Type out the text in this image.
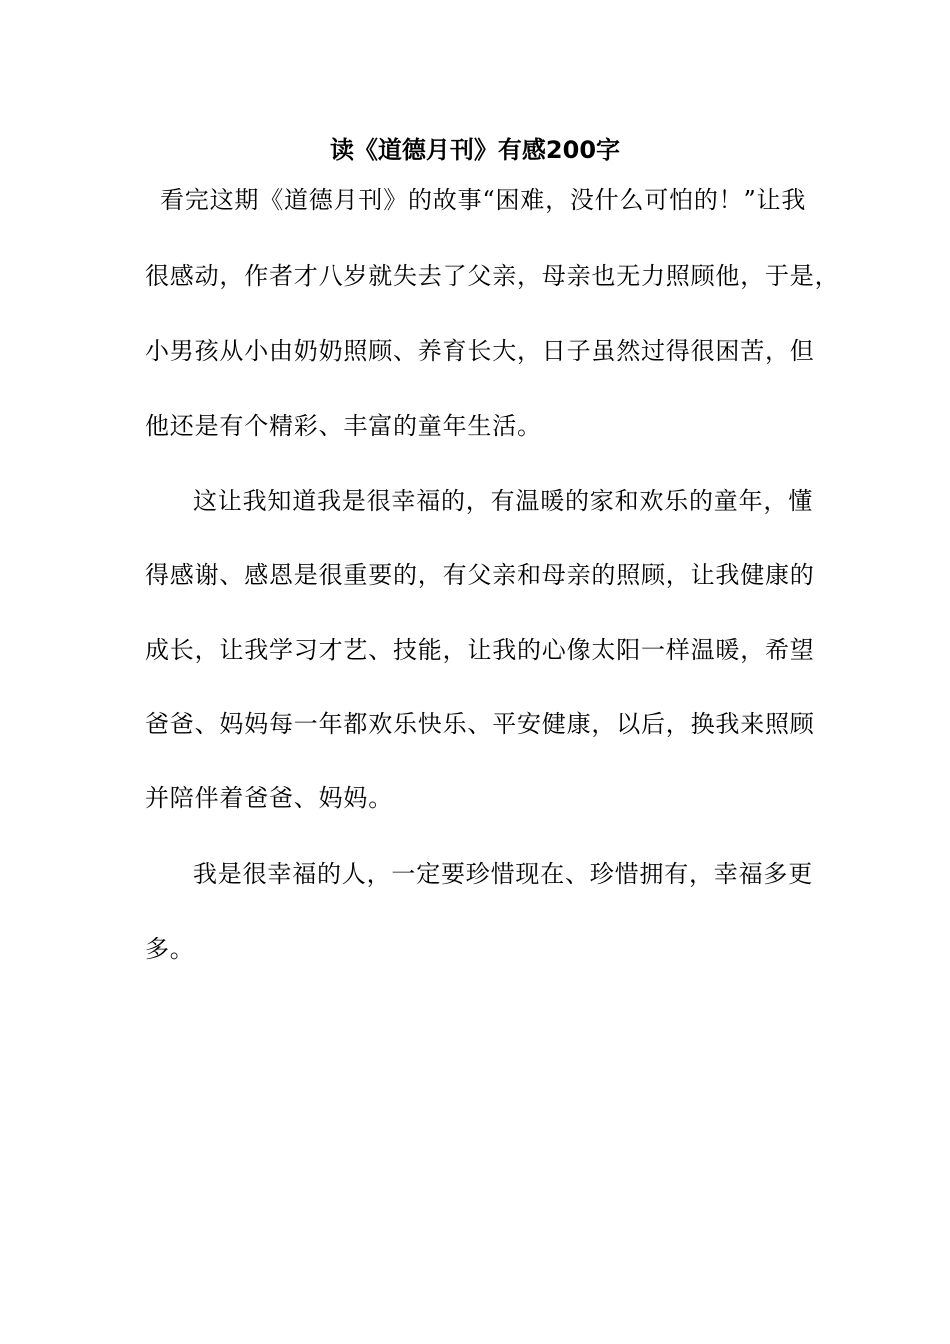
读《道德月刊》有感200字
看完这期《道德月刊》的故事“困难，没什么可怕的！”让我
很感动，作者才八岁就失去了父亲，母亲也无力照顾他，于是，
小男孩从小由奶奶照顾、养育长大，日子虽然过得很困苦，但
他还是有个精彩、丰富的童年生活。
这让我知道我是很幸福的，有温暖的家和欢乐的童年，懂
得感谢、感恩是很重要的，有父亲和母亲的照顾，让我健康的
成长，让我学习才艺、技能，让我的心像太阳一样温暖，希望
爸爸、妈妈每一年都欢乐快乐、平安健康，以后，换我来照顾
并陪伴着爸爸、妈妈。
我是很幸福的人，一定要珍惜现在、珍惜拥有，幸福多更
多。
